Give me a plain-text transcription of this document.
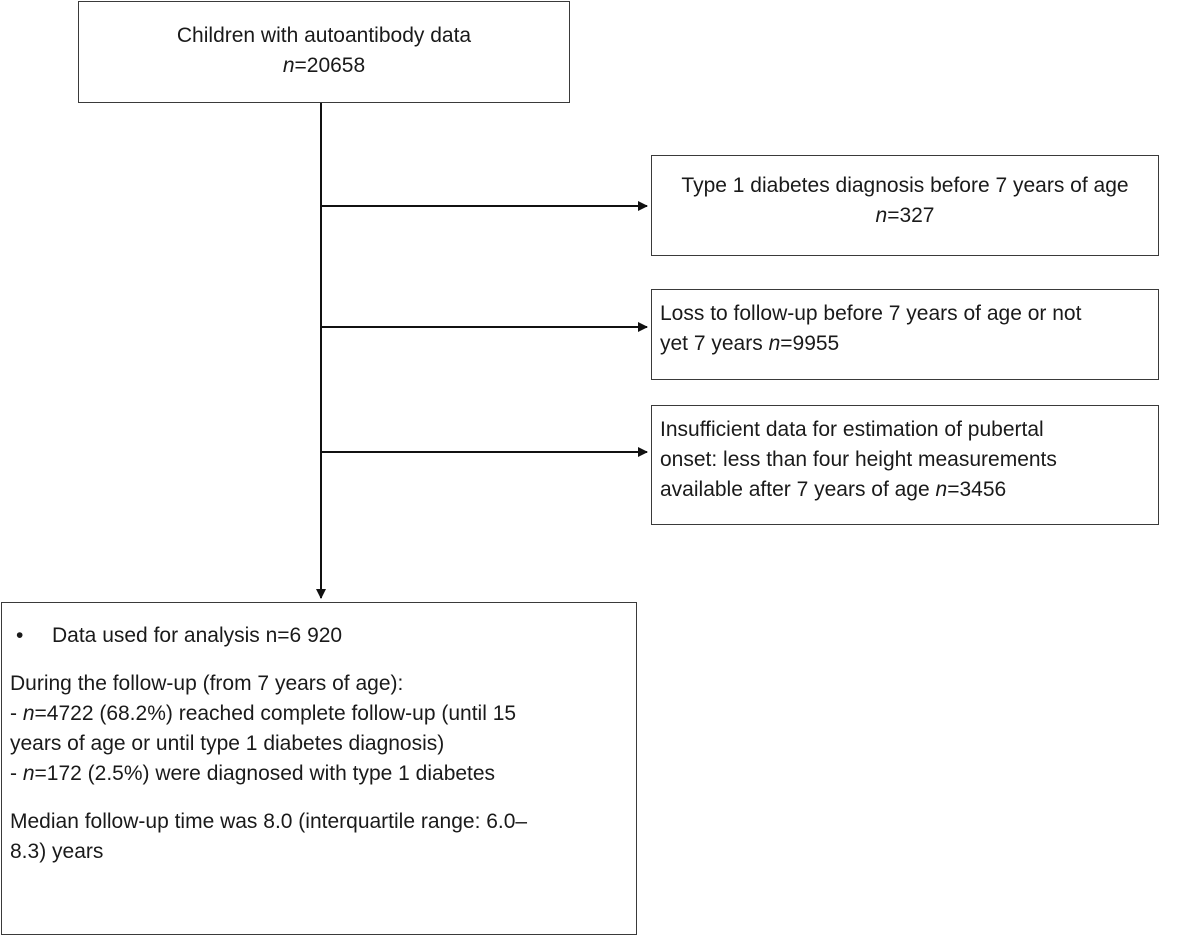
Children with autoantibody data
n=20658
Type 1 diabetes diagnosis before 7 years of age
n=327
Loss to follow-up before 7 years of age or not
yet 7 years n=9955
Insufficient data for estimation of pubertal
onset: less than four height measurements
available after 7 years of age n=3456
•	Data used for analysis n=6 920
During the follow-up (from 7 years of age):
- n=4722 (68.2%) reached complete follow-up (until 15
years of age or until type 1 diabetes diagnosis)
- n=172 (2.5%) were diagnosed with type 1 diabetes
Median follow-up time was 8.0 (interquartile range: 6.0–
8.3) years
